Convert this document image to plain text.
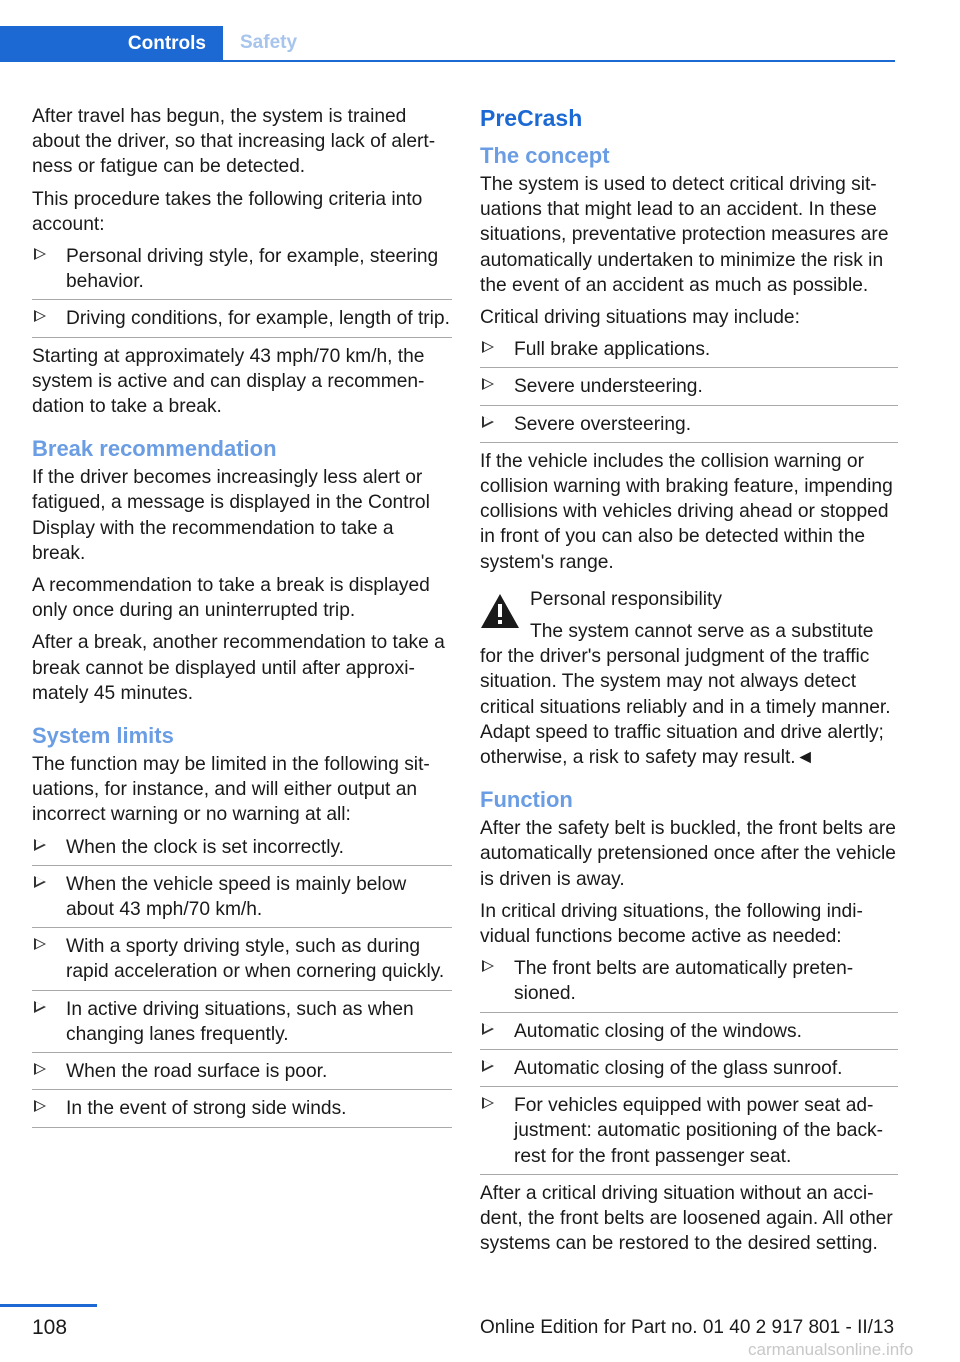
Controls	Safety

After travel has begun, the system is trained about the driver, so that increasing lack of alertness or fatigue can be detected.

This procedure takes the following criteria into account:

Personal driving style, for example, steering behavior.
Driving conditions, for example, length of trip.

Starting at approximately 43 mph/70 km/h, the system is active and can display a recommendation to take a break.

Break recommendation

If the driver becomes increasingly less alert or fatigued, a message is displayed in the Control Display with the recommendation to take a break.

A recommendation to take a break is displayed only once during an uninterrupted trip.

After a break, another recommendation to take a break cannot be displayed until after approximately 45 minutes.

System limits

The function may be limited in the following situations, for instance, and will either output an incorrect warning or no warning at all:

When the clock is set incorrectly.
When the vehicle speed is mainly below about 43 mph/70 km/h.
With a sporty driving style, such as during rapid acceleration or when cornering quickly.
In active driving situations, such as when changing lanes frequently.
When the road surface is poor.
In the event of strong side winds.
PreCrash
The concept

The system is used to detect critical driving situations that might lead to an accident. In these situations, preventative protection measures are automatically undertaken to minimize the risk in the event of an accident as much as possible.

Critical driving situations may include:

Full brake applications.
Severe understeering.
Severe oversteering.

If the vehicle includes the collision warning or collision warning with braking feature, impending collisions with vehicles driving ahead or stopped in front of you can also be detected within the system's range.

Personal responsibility

The system cannot serve as a substitute for the driver's personal judgment of the traffic situation. The system may not always detect critical situations reliably and in a timely manner. Adapt speed to traffic situation and drive alertly; otherwise, a risk to safety may result.◄

Function

After the safety belt is buckled, the front belts are automatically pretensioned once after the vehicle is driven is away.

In critical driving situations, the following individual functions become active as needed:

The front belts are automatically pretensioned.
Automatic closing of the windows.
Automatic closing of the glass sunroof.
For vehicles equipped with power seat adjustment: automatic positioning of the backrest for the front passenger seat.

After a critical driving situation without an accident, the front belts are loosened again. All other systems can be restored to the desired setting.

108	Online Edition for Part no. 01 40 2 917 801 - II/13
carmanualsonline.info
